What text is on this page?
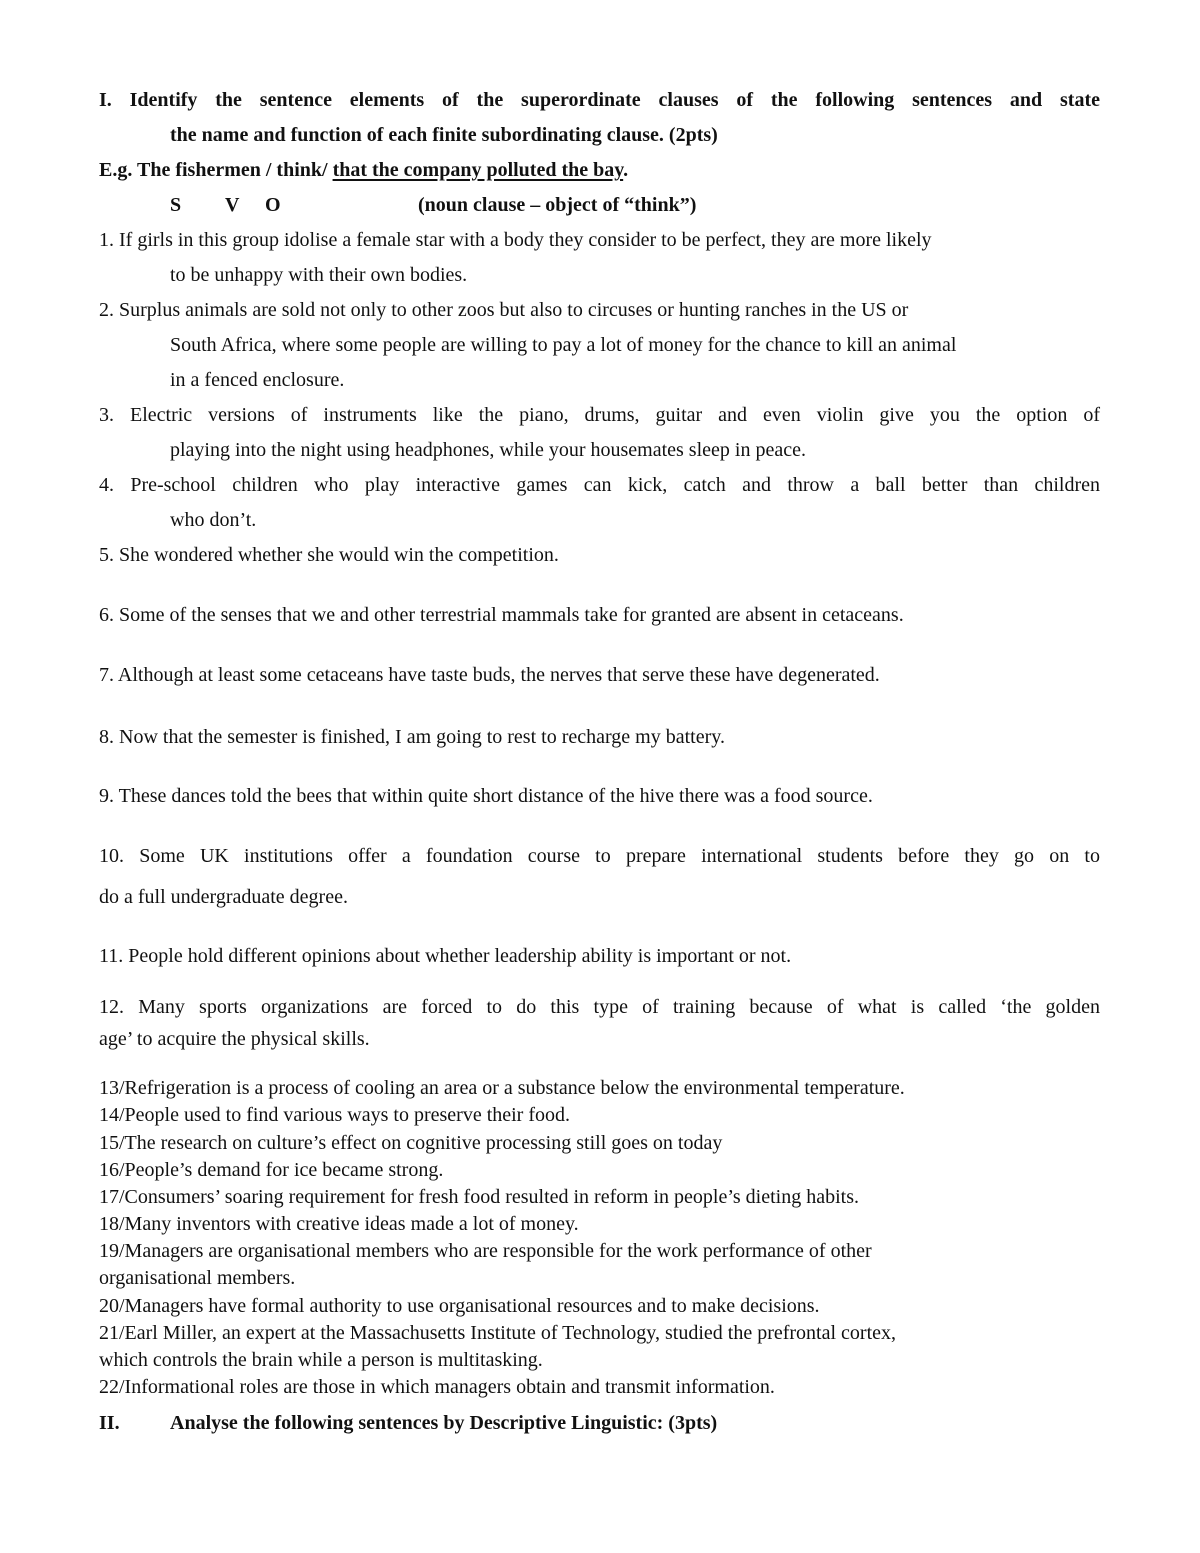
I. Identify the sentence elements of the superordinate clauses of the following sentences and state
the name and function of each finite subordinating clause. (2pts)
E.g. The fishermen / think/ that the company polluted the bay.
S V O	(noun clause – object of “think”)
1. If girls in this group idolise a female star with a body they consider to be perfect, they are more likely
to be unhappy with their own bodies.
2. Surplus animals are sold not only to other zoos but also to circuses or hunting ranches in the US or
South Africa, where some people are willing to pay a lot of money for the chance to kill an animal
in a fenced enclosure.
3. Electric versions of instruments like the piano, drums, guitar and even violin give you the option of
playing into the night using headphones, while your housemates sleep in peace.
4. Pre-school children who play interactive games can kick, catch and throw a ball better than children
who don’t.
5. She wondered whether she would win the competition.
6. Some of the senses that we and other terrestrial mammals take for granted are absent in cetaceans.
7. Although at least some cetaceans have taste buds, the nerves that serve these have degenerated.
8. Now that the semester is finished, I am going to rest to recharge my battery.
9. These dances told the bees that within quite short distance of the hive there was a food source.
10. Some UK institutions offer a foundation course to prepare international students before they go on to
do a full undergraduate degree.
11. People hold different opinions about whether leadership ability is important or not.
12. Many sports organizations are forced to do this type of training because of what is called ‘the golden
age’ to acquire the physical skills.
13/Refrigeration is a process of cooling an area or a substance below the environmental temperature.
14/People used to find various ways to preserve their food.
15/The research on culture’s effect on cognitive processing still goes on today
16/People’s demand for ice became strong.
17/Consumers’ soaring requirement for fresh food resulted in reform in people’s dieting habits.
18/Many inventors with creative ideas made a lot of money.
19/Managers are organisational members who are responsible for the work performance of other
organisational members.
20/Managers have formal authority to use organisational resources and to make decisions.
21/Earl Miller, an expert at the Massachusetts Institute of Technology, studied the prefrontal cortex,
which controls the brain while a person is multitasking.
22/Informational roles are those in which managers obtain and transmit information.
II.	Analyse the following sentences by Descriptive Linguistic: (3pts)
